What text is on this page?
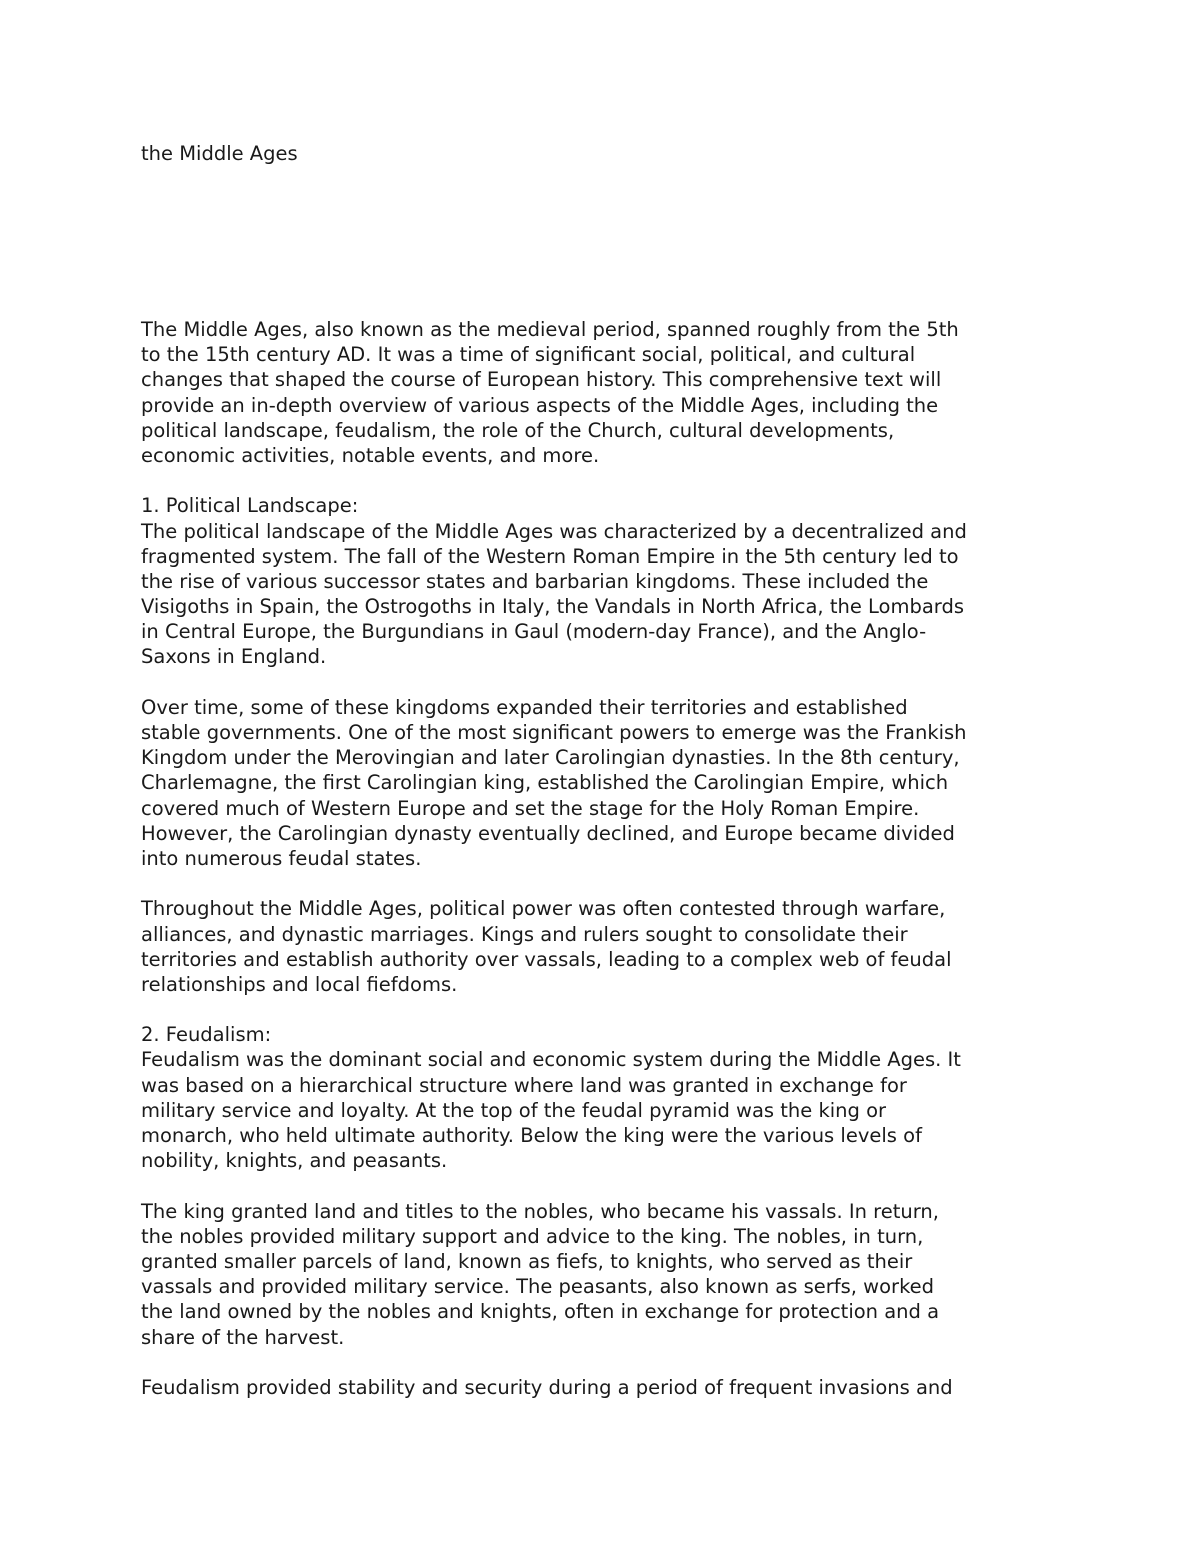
the Middle Ages
The Middle Ages, also known as the medieval period, spanned roughly from the 5th
to the 15th century AD. It was a time of significant social, political, and cultural
changes that shaped the course of European history. This comprehensive text will
provide an in-depth overview of various aspects of the Middle Ages, including the
political landscape, feudalism, the role of the Church, cultural developments,
economic activities, notable events, and more.
1. Political Landscape:
The political landscape of the Middle Ages was characterized by a decentralized and
fragmented system. The fall of the Western Roman Empire in the 5th century led to
the rise of various successor states and barbarian kingdoms. These included the
Visigoths in Spain, the Ostrogoths in Italy, the Vandals in North Africa, the Lombards
in Central Europe, the Burgundians in Gaul (modern-day France), and the Anglo-
Saxons in England.
Over time, some of these kingdoms expanded their territories and established
stable governments. One of the most significant powers to emerge was the Frankish
Kingdom under the Merovingian and later Carolingian dynasties. In the 8th century,
Charlemagne, the first Carolingian king, established the Carolingian Empire, which
covered much of Western Europe and set the stage for the Holy Roman Empire.
However, the Carolingian dynasty eventually declined, and Europe became divided
into numerous feudal states.
Throughout the Middle Ages, political power was often contested through warfare,
alliances, and dynastic marriages. Kings and rulers sought to consolidate their
territories and establish authority over vassals, leading to a complex web of feudal
relationships and local fiefdoms.
2. Feudalism:
Feudalism was the dominant social and economic system during the Middle Ages. It
was based on a hierarchical structure where land was granted in exchange for
military service and loyalty. At the top of the feudal pyramid was the king or
monarch, who held ultimate authority. Below the king were the various levels of
nobility, knights, and peasants.
The king granted land and titles to the nobles, who became his vassals. In return,
the nobles provided military support and advice to the king. The nobles, in turn,
granted smaller parcels of land, known as fiefs, to knights, who served as their
vassals and provided military service. The peasants, also known as serfs, worked
the land owned by the nobles and knights, often in exchange for protection and a
share of the harvest.
Feudalism provided stability and security during a period of frequent invasions and
